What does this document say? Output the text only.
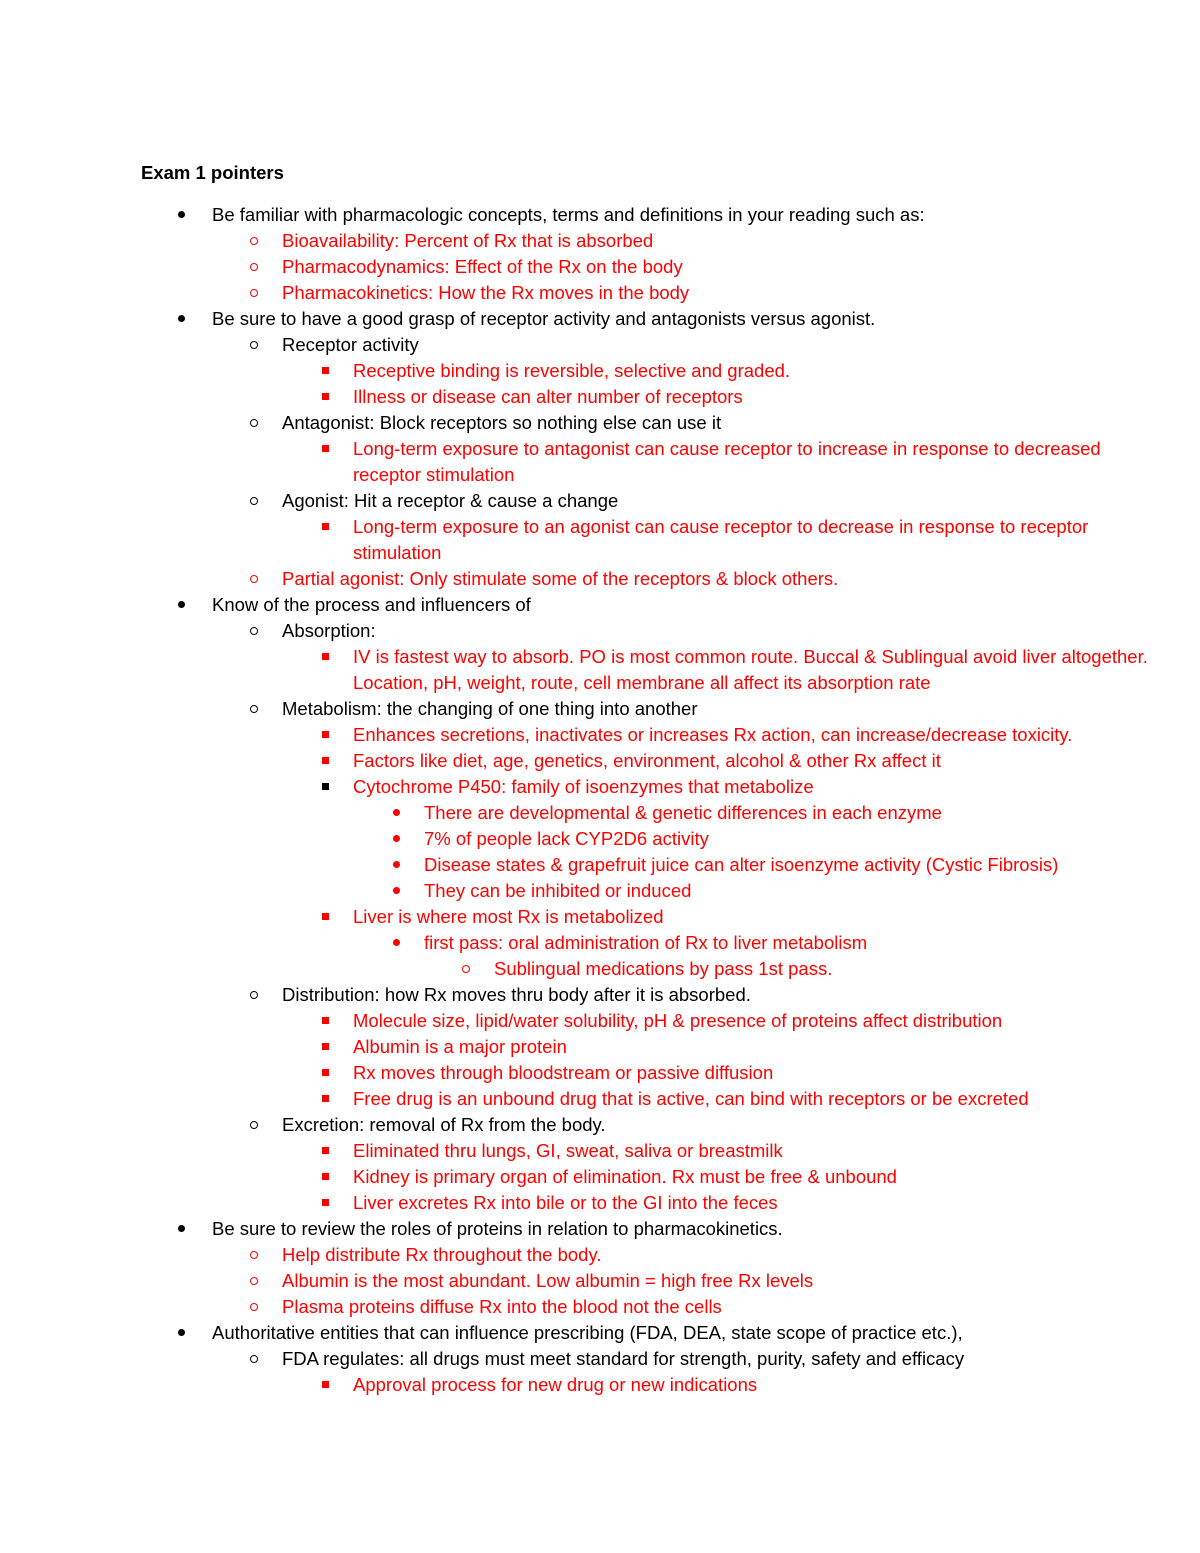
Exam 1 pointers
Be familiar with pharmacologic concepts, terms and definitions in your reading such as:
Bioavailability: Percent of Rx that is absorbed
Pharmacodynamics: Effect of the Rx on the body
Pharmacokinetics: How the Rx moves in the body
Be sure to have a good grasp of receptor activity and antagonists versus agonist.
Receptor activity
Receptive binding is reversible, selective and graded.
Illness or disease can alter number of receptors
Antagonist: Block receptors so nothing else can use it
Long-term exposure to antagonist can cause receptor to increase in response to decreased
receptor stimulation
Agonist: Hit a receptor & cause a change
Long-term exposure to an agonist can cause receptor to decrease in response to receptor
stimulation
Partial agonist: Only stimulate some of the receptors & block others.
Know of the process and influencers of
Absorption:
IV is fastest way to absorb. PO is most common route. Buccal & Sublingual avoid liver altogether.
Location, pH, weight, route, cell membrane all affect its absorption rate
Metabolism: the changing of one thing into another
Enhances secretions, inactivates or increases Rx action, can increase/decrease toxicity.
Factors like diet, age, genetics, environment, alcohol & other Rx affect it
Cytochrome P450: family of isoenzymes that metabolize
There are developmental & genetic differences in each enzyme
7% of people lack CYP2D6 activity
Disease states & grapefruit juice can alter isoenzyme activity (Cystic Fibrosis)
They can be inhibited or induced
Liver is where most Rx is metabolized
first pass: oral administration of Rx to liver metabolism
Sublingual medications by pass 1st pass.
Distribution: how Rx moves thru body after it is absorbed.
Molecule size, lipid/water solubility, pH & presence of proteins affect distribution
Albumin is a major protein
Rx moves through bloodstream or passive diffusion
Free drug is an unbound drug that is active, can bind with receptors or be excreted
Excretion: removal of Rx from the body.
Eliminated thru lungs, GI, sweat, saliva or breastmilk
Kidney is primary organ of elimination. Rx must be free & unbound
Liver excretes Rx into bile or to the GI into the feces
Be sure to review the roles of proteins in relation to pharmacokinetics.
Help distribute Rx throughout the body.
Albumin is the most abundant. Low albumin = high free Rx levels
Plasma proteins diffuse Rx into the blood not the cells
Authoritative entities that can influence prescribing (FDA, DEA, state scope of practice etc.),
FDA regulates: all drugs must meet standard for strength, purity, safety and efficacy
Approval process for new drug or new indications
